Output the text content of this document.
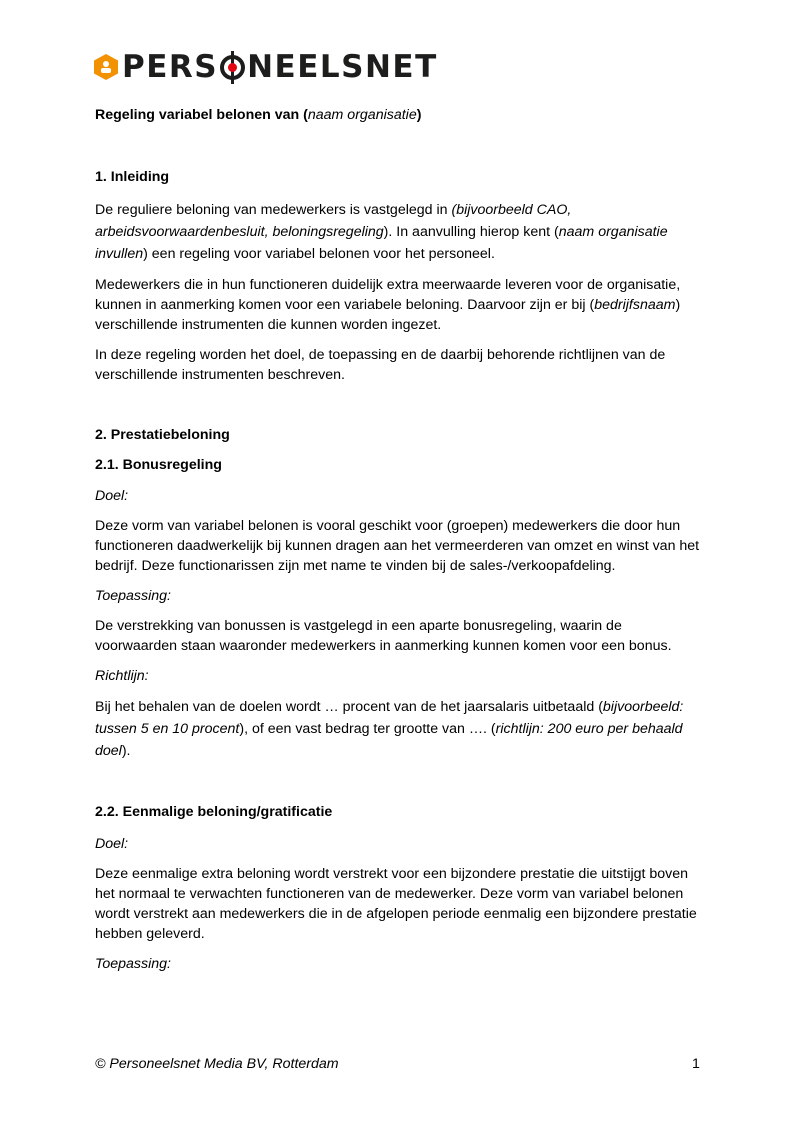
P ERS NEELSNET
Regeling variabel belonen van (naam organisatie)
1. Inleiding

De reguliere beloning van medewerkers is vastgelegd in (bijvoorbeeld CAO, arbeidsvoorwaardenbesluit, beloningsregeling). In aanvulling hierop kent (naam organisatie invullen) een regeling voor variabel belonen voor het personeel.

Medewerkers die in hun functioneren duidelijk extra meerwaarde leveren voor de organisatie, kunnen in aanmerking komen voor een variabele beloning. Daarvoor zijn er bij (bedrijfsnaam) verschillende instrumenten die kunnen worden ingezet.

In deze regeling worden het doel, de toepassing en de daarbij behorende richtlijnen van de verschillende instrumenten beschreven.

2. Prestatiebeloning
2.1. Bonusregeling

Doel:

Deze vorm van variabel belonen is vooral geschikt voor (groepen) medewerkers die door hun functioneren daadwerkelijk bij kunnen dragen aan het vermeerderen van omzet en winst van het bedrijf. Deze functionarissen zijn met name te vinden bij de sales-/verkoopafdeling.

Toepassing:

De verstrekking van bonussen is vastgelegd in een aparte bonusregeling, waarin de voorwaarden staan waaronder medewerkers in aanmerking kunnen komen voor een bonus.

Richtlijn:

Bij het behalen van de doelen wordt … procent van de het jaarsalaris uitbetaald (bijvoorbeeld: tussen 5 en 10 procent), of een vast bedrag ter grootte van …. (richtlijn: 200 euro per behaald doel).

2.2. Eenmalige beloning/gratificatie

Doel:

Deze eenmalige extra beloning wordt verstrekt voor een bijzondere prestatie die uitstijgt boven het normaal te verwachten functioneren van de medewerker. Deze vorm van variabel belonen wordt verstrekt aan medewerkers die in de afgelopen periode eenmalig een bijzondere prestatie hebben geleverd.

Toepassing:

© Personeelsnet Media BV, Rotterdam	1
